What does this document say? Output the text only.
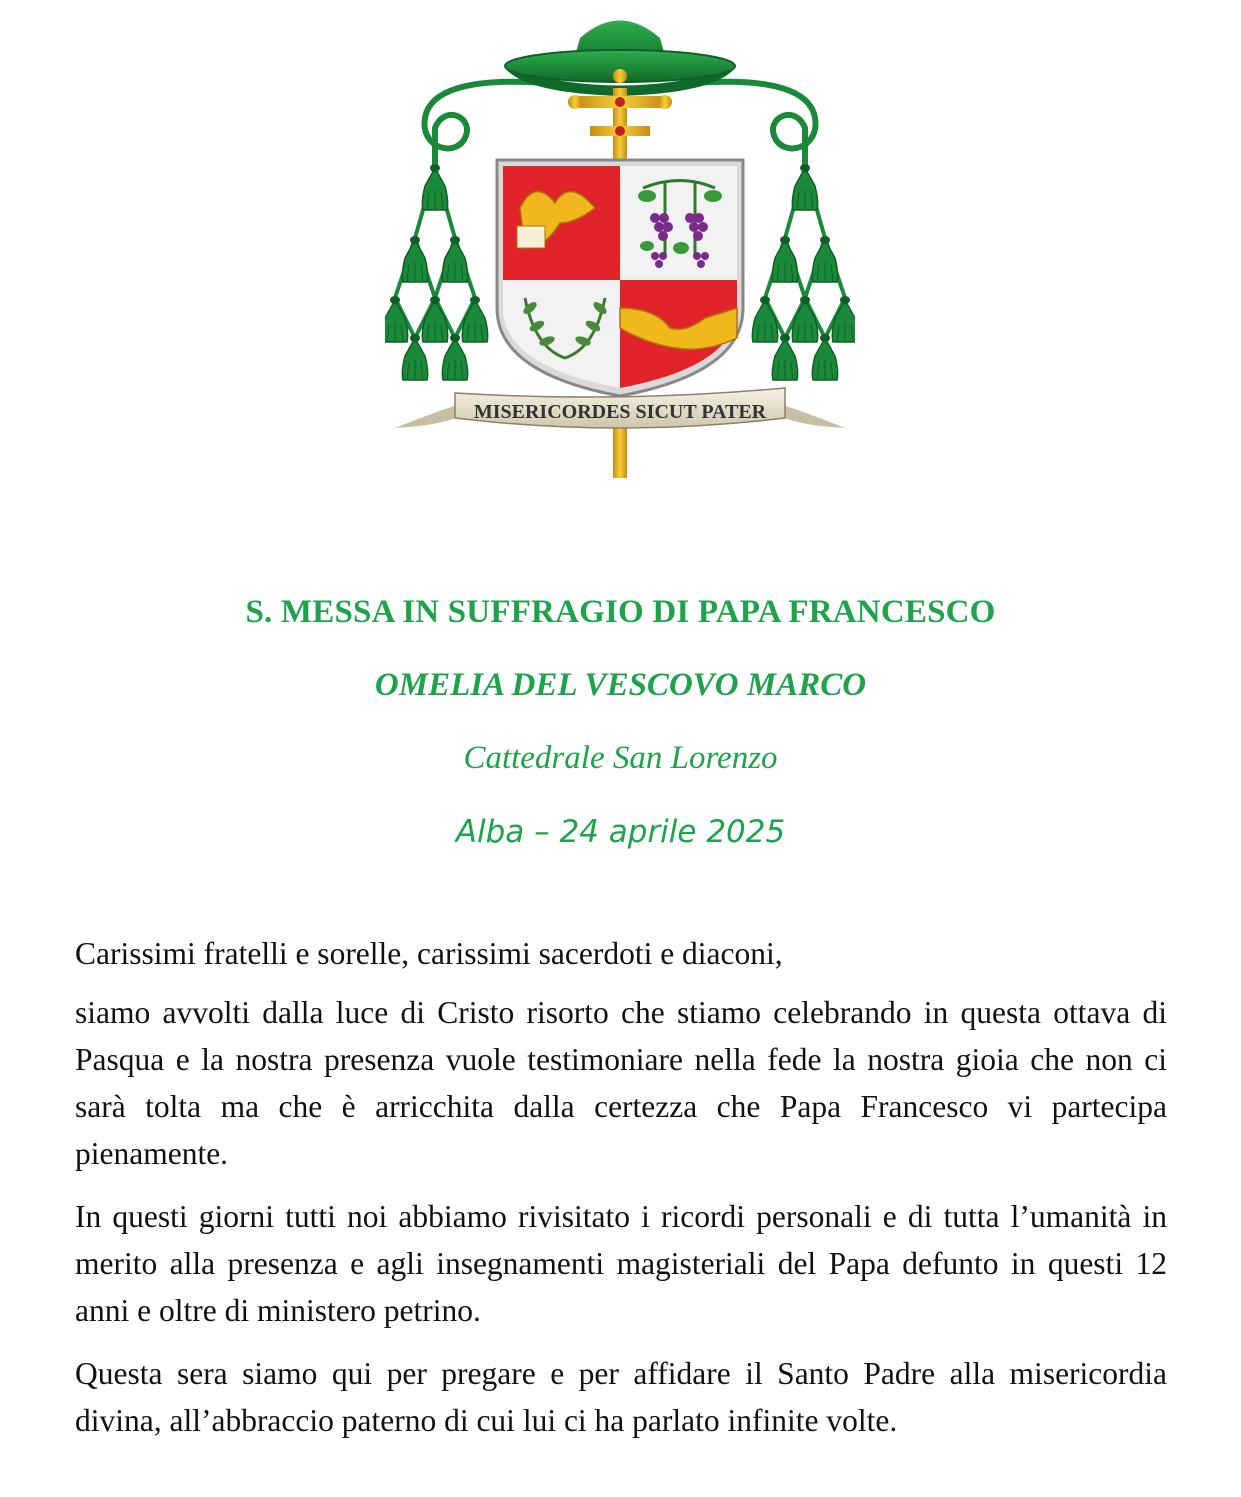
MISERICORDES SICUT PATER
S. MESSA IN SUFFRAGIO DI PAPA FRANCESCO
OMELIA DEL VESCOVO MARCO
Cattedrale San Lorenzo
Alba – 24 aprile 2025

Carissimi fratelli e sorelle, carissimi sacerdoti e diaconi,

siamo avvolti dalla luce di Cristo risorto che stiamo celebrando in questa ottava di Pasqua e la nostra presenza vuole testimoniare nella fede la nostra gioia che non ci sarà tolta ma che è arricchita dalla certezza che Papa Francesco vi partecipa pienamente.

In questi giorni tutti noi abbiamo rivisitato i ricordi personali e di tutta l’umanità in merito alla presenza e agli insegnamenti magisteriali del Papa defunto in questi 12 anni e oltre di ministero petrino.

Questa sera siamo qui per pregare e per affidare il Santo Padre alla misericordia divina, all’abbraccio paterno di cui lui ci ha parlato infinite volte.
